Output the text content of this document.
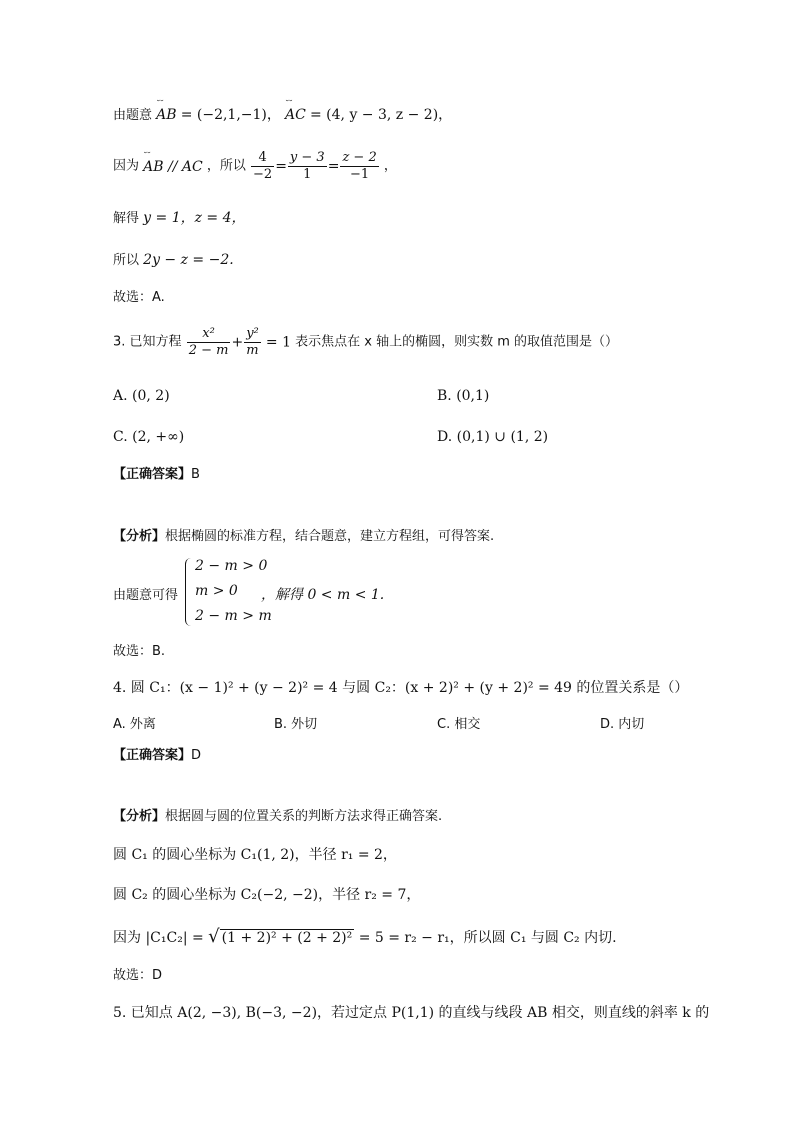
由题意 ˘˘ AB = (−2,1,−1)， ˘˘ AC = (4, y − 3, z − 2)，
因为 ˘˘ AB // AC ，所以 $\frac{4}{-2} = \frac{y - 3}{1} = \frac{z - 2}{-1}$ ，
解得 y = 1，z = 4，
所以 2y − z = −2.
故选：A.
3. 已知方程 $\frac{\text{x²}}{2 - m} + \frac{\text{y²}}{m} = 1$ 表示焦点在 x 轴上的椭圆，则实数 m 的取值范围是（）
A. (0, 2)	B. (0,1)
C. (2, +∞)	D. (0,1) ∪ (1, 2)
【正确答案】B
【分析】根据椭圆的标准方程，结合题意，建立方程组，可得答案.
由题意可得
2 − m > 0
m > 0
2 − m > m
，解得 0 < m < 1.
故选：B.
4. 圆 C₁：(x − 1)² + (y − 2)² = 4 与圆 C₂：(x + 2)² + (y + 2)² = 49 的位置关系是（）
A. 外离	B. 外切	C. 相交	D. 内切
【正确答案】D
【分析】根据圆与圆的位置关系的判断方法求得正确答案.
圆 C₁ 的圆心坐标为 C₁(1, 2)，半径 r₁ = 2，
圆 C₂ 的圆心坐标为 C₂(−2, −2)，半径 r₂ = 7，
因为 |C₁C₂| = √ (1 + 2)² + (2 + 2)² = 5 = r₂ − r₁，所以圆 C₁ 与圆 C₂ 内切.
故选：D
5. 已知点 A(2, −3), B(−3, −2)，若过定点 P(1,1) 的直线与线段 AB 相交，则直线的斜率 k 的
